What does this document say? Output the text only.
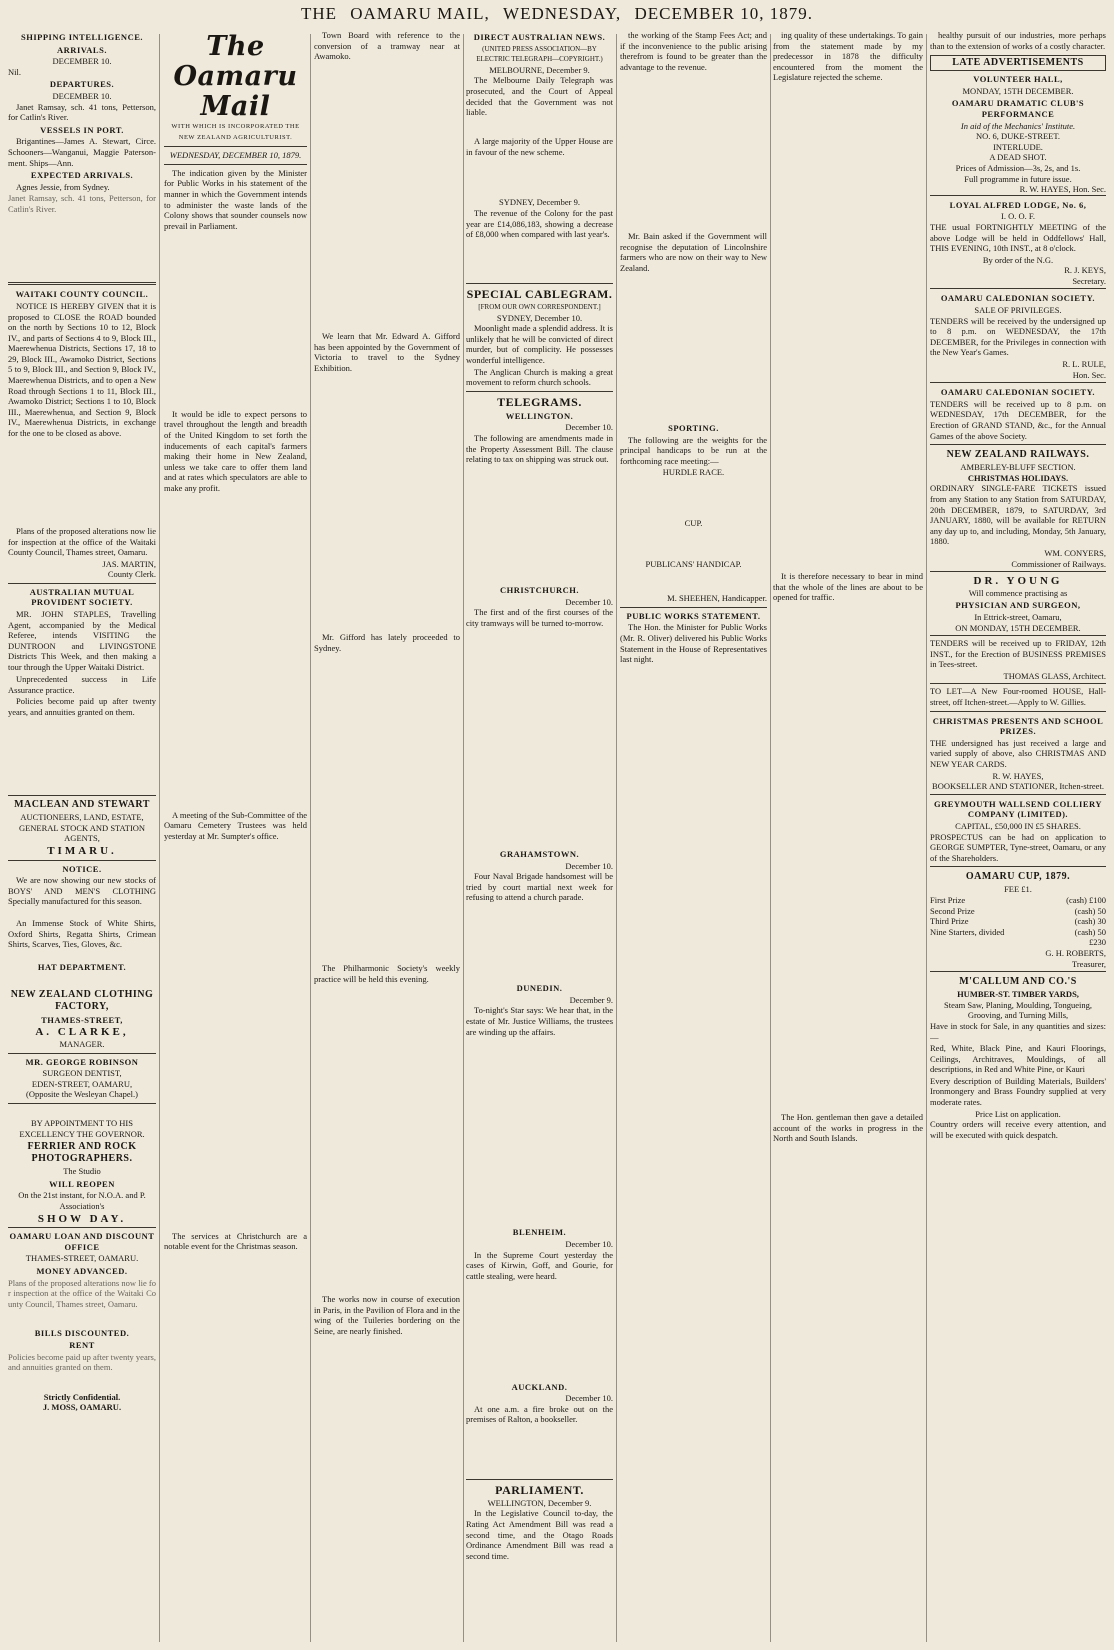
THE OAMARU MAIL, WEDNESDAY, DECEMBER 10, 1879.
SHIPPING INTELLIGENCE.
ARRIVALS.
DECEMBER 10.
Nil.
DEPARTURES.
DECEMBER 10.
Janet Ramsay, sch. 41 tons, Petterson, for Catlin's River.
VESSELS IN PORT.
Brigantines—James A. Stewart, Circe. Schooners—Wanganui, Maggie Paterson-ment. Ships—Ann.
EXPECTED ARRIVALS.
Agnes Jessie, from Sydney.
Janet Ramsay, sch. 41 tons, Petterson, for Catlin's River.
WAITAKI COUNTY COUNCIL.
NOTICE IS HEREBY GIVEN that it is proposed to CLOSE the ROAD bounded on the north by Sections 10 to 12, Block IV., and parts of Sections 4 to 9, Block III., Maerewhenua Districts, Sections 17, 18 to 29, Block III., Awamoko District, Sections 5 to 9, Block III., and Section 9, Block IV., Maerewhenua Districts, and to open a New Road through Sections 1 to 11, Block III., Awamoko District; Sections 1 to 10, Block III., Maerewhenua, and Section 9, Block IV., Maerewhenua Districts, in exchange for the one to be closed as above.
Plans of the proposed alterations now lie for inspection at the office of the Waitaki County Council, Thames street, Oamaru.
JAS. MARTIN,
County Clerk.
AUSTRALIAN MUTUAL PROVIDENT SOCIETY.
MR. JOHN STAPLES, Travelling Agent, accompanied by the Medical Referee, intends VISITING the DUNTROON and LIVINGSTONE Districts This Week, and then making a tour through the Upper Waitaki District.
Unprecedented success in Life Assurance practice.
Policies become paid up after twenty years, and annuities granted on them.
MACLEAN AND STEWART
AUCTIONEERS, LAND, ESTATE,
GENERAL STOCK AND STATION AGENTS,
TIMARU.
NOTICE.
We are now showing our new stocks of BOYS' AND MEN'S CLOTHING Specially manufactured for this season.
An Immense Stock of White Shirts, Oxford Shirts, Regatta Shirts, Crimean Shirts, Scarves, Ties, Gloves, &c.
HAT DEPARTMENT.
NEW ZEALAND CLOTHING FACTORY,
THAMES-STREET,
A. CLARKE,
MANAGER.
MR. GEORGE ROBINSON
SURGEON DENTIST,
EDEN-STREET, OAMARU,
(Opposite the Wesleyan Chapel.)
BY APPOINTMENT TO HIS EXCELLENCY THE GOVERNOR.
FERRIER AND ROCK PHOTOGRAPHERS.
The Studio
WILL REOPEN
On the 21st instant, for N.O.A. and P. Association's
SHOW DAY.
OAMARU LOAN AND DISCOUNT OFFICE
THAMES-STREET, OAMARU.
MONEY ADVANCED.
Plans of the proposed alterations now lie for inspection at the office of the Waitaki County Council, Thames street, Oamaru.
BILLS DISCOUNTED.
RENT
Policies become paid up after twenty years, and annuities granted on them.
Strictly Confidential.
J. MOSS, OAMARU.
The Oamaru Mail
WITH WHICH IS INCORPORATED THE NEW ZEALAND AGRICULTURIST.
WEDNESDAY, DECEMBER 10, 1879.
The indication given by the Minister for Public Works in his statement of the manner in which the Government intends to administer the waste lands of the Colony shows that sounder counsels now prevail in Parliament.
It would be idle to expect persons to travel throughout the length and breadth of the United Kingdom to set forth the inducements of each capital's farmers making their home in New Zealand, unless we take care to offer them land and at rates which speculators are able to make any profit.
A meeting of the Sub-Committee of the Oamaru Cemetery Trustees was held yesterday at Mr. Sumpter's office.
The services at Christchurch are a notable event for the Christmas season.
Town Board with reference to the conversion of a tramway near at Awamoko.
We learn that Mr. Edward A. Gifford has been appointed by the Government of Victoria to travel to the Sydney Exhibition.
Mr. Gifford has lately proceeded to Sydney.
The Philharmonic Society's weekly practice will be held this evening.
The works now in course of execution in Paris, in the Pavilion of Flora and in the wing of the Tuileries bordering on the Seine, are nearly finished.
DIRECT AUSTRALIAN NEWS.
(UNITED PRESS ASSOCIATION—BY ELECTRIC TELEGRAPH—COPYRIGHT.)
MELBOURNE, December 9.
The Melbourne Daily Telegraph was prosecuted, and the Court of Appeal decided that the Government was not liable.
A large majority of the Upper House are in favour of the new scheme.
SYDNEY, December 9.
The revenue of the Colony for the past year are £14,086,183, showing a decrease of £8,000 when compared with last year's.
SPECIAL CABLEGRAM.
[FROM OUR OWN CORRESPONDENT.]
SYDNEY, December 10.
Moonlight made a splendid address. It is unlikely that he will be convicted of direct murder, but of complicity. He possesses wonderful intelligence.
The Anglican Church is making a great movement to reform church schools.
TELEGRAMS.
WELLINGTON.
December 10.
The following are amendments made in the Property Assessment Bill. The clause relating to tax on shipping was struck out.
CHRISTCHURCH.
December 10.
The first and of the first courses of the city tramways will be turned to-morrow.
GRAHAMSTOWN.
December 10.
Four Naval Brigade handsomest will be tried by court martial next week for refusing to attend a church parade.
DUNEDIN.
December 9.
To-night's Star says: We hear that, in the estate of Mr. Justice Williams, the trustees are winding up the affairs.
BLENHEIM.
December 10.
In the Supreme Court yesterday the cases of Kirwin, Goff, and Gourie, for cattle stealing, were heard.
AUCKLAND.
December 10.
At one a.m. a fire broke out on the premises of Ralton, a bookseller.
PARLIAMENT.
WELLINGTON, December 9.
In the Legislative Council to-day, the Rating Act Amendment Bill was read a second time, and the Otago Roads Ordinance Amendment Bill was read a second time.
the working of the Stamp Fees Act; and if the inconvenience to the public arising therefrom is found to be greater than the advantage to the revenue.
Mr. Bain asked if the Government will recognise the deputation of Lincolnshire farmers who are now on their way to New Zealand.
SPORTING.
The following are the weights for the principal handicaps to be run at the forthcoming race meeting:—
HURDLE RACE.
CUP.
PUBLICANS' HANDICAP.
M. SHEEHEN, Handicapper.
PUBLIC WORKS STATEMENT.
The Hon. the Minister for Public Works (Mr. R. Oliver) delivered his Public Works Statement in the House of Representatives last night.
ing quality of these undertakings. To gain from the statement made by my predecessor in 1878 the difficulty encountered from the moment the Legislature rejected the scheme.
It is therefore necessary to bear in mind that the whole of the lines are about to be opened for traffic.
The Hon. gentleman then gave a detailed account of the works in progress in the North and South Islands.
healthy pursuit of our industries, more perhaps than to the extension of works of a costly character.
LATE ADVERTISEMENTS
VOLUNTEER HALL,
MONDAY, 15TH DECEMBER.
OAMARU DRAMATIC CLUB'S PERFORMANCE
In aid of the Mechanics' Institute.
NO. 6, DUKE-STREET.
INTERLUDE.
A DEAD SHOT.
Prices of Admission—3s, 2s, and 1s.
Full programme in future issue.
R. W. HAYES, Hon. Sec.
LOYAL ALFRED LODGE, No. 6,
I. O. O. F.
THE usual FORTNIGHTLY MEETING of the above Lodge will be held in Oddfellows' Hall, THIS EVENING, 10th INST., at 8 o'clock.
By order of the N.G.
R. J. KEYS,
Secretary.
OAMARU CALEDONIAN SOCIETY.
SALE OF PRIVILEGES.
TENDERS will be received by the undersigned up to 8 p.m. on WEDNESDAY, the 17th DECEMBER, for the Privileges in connection with the New Year's Games.
R. L. RULE,
Hon. Sec.
OAMARU CALEDONIAN SOCIETY.
TENDERS will be received up to 8 p.m. on WEDNESDAY, 17th DECEMBER, for the Erection of GRAND STAND, &c., for the Annual Games of the above Society.
NEW ZEALAND RAILWAYS.
AMBERLEY-BLUFF SECTION.
CHRISTMAS HOLIDAYS.
ORDINARY SINGLE-FARE TICKETS issued from any Station to any Station from SATURDAY, 20th DECEMBER, 1879, to SATURDAY, 3rd JANUARY, 1880, will be available for RETURN any day up to, and including, Monday, 5th January, 1880.
WM. CONYERS,
Commissioner of Railways.
DR. YOUNG
Will commence practising as
PHYSICIAN AND SURGEON,
In Ettrick-street, Oamaru,
ON MONDAY, 15TH DECEMBER.
TENDERS will be received up to FRIDAY, 12th INST., for the Erection of BUSINESS PREMISES in Tees-street.
THOMAS GLASS, Architect.
TO LET—A New Four-roomed HOUSE, Hall-street, off Itchen-street.—Apply to W. Gillies.
CHRISTMAS PRESENTS AND SCHOOL PRIZES.
THE undersigned has just received a large and varied supply of above, also CHRISTMAS AND NEW YEAR CARDS.
R. W. HAYES,
BOOKSELLER AND STATIONER, Itchen-street.
GREYMOUTH WALLSEND COLLIERY COMPANY (LIMITED).
CAPITAL, £50,000 IN £5 SHARES.
PROSPECTUS can be had on application to GEORGE SUMPTER, Tyne-street, Oamaru, or any of the Shareholders.
OAMARU CUP, 1879.
FEE £1.
First Prize	(cash) £100
Second Prize	(cash) 50
Third Prize	(cash) 30
Nine Starters, divided	(cash) 50
£230
G. H. ROBERTS,
Treasurer,
M'CALLUM AND CO.'S
HUMBER-ST. TIMBER YARDS,
Steam Saw, Planing, Moulding, Tongueing, Grooving, and Turning Mills,
Have in stock for Sale, in any quantities and sizes:—
Red, White, Black Pine, and Kauri Floorings, Ceilings, Architraves, Mouldings, of all descriptions, in Red and White Pine, or Kauri
Every description of Building Materials, Builders' Ironmongery and Brass Foundry supplied at very moderate rates.
Price List on application.
Country orders will receive every attention, and will be executed with quick despatch.
